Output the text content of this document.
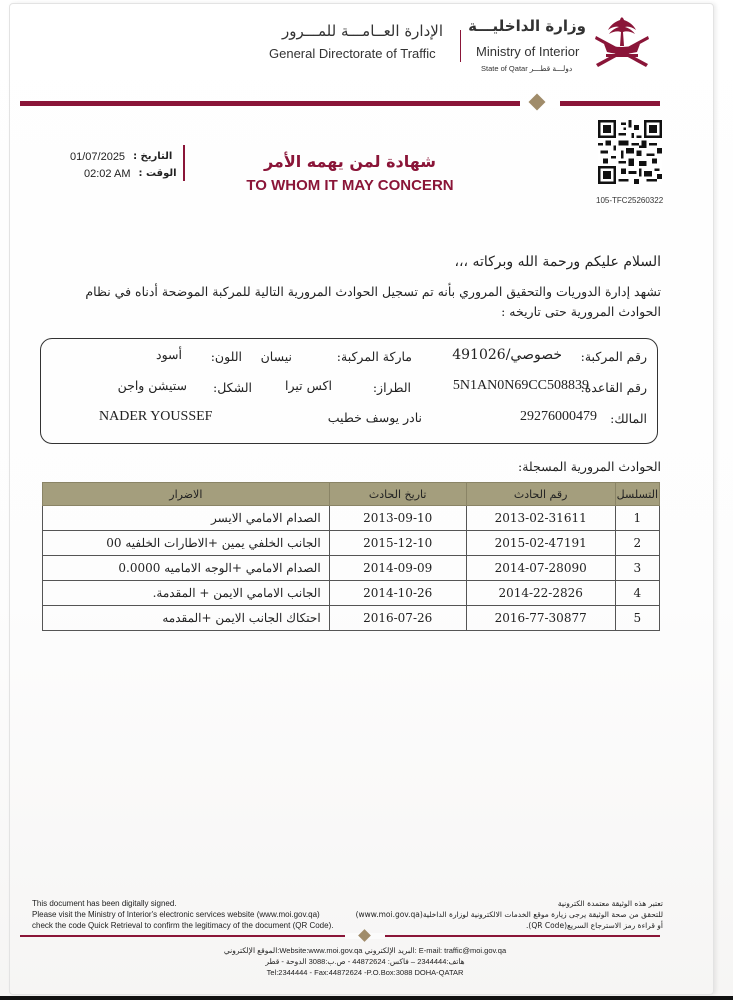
وزارة الداخليـــة
Ministry of Interior
State of Qatar دولـــة قطـــر
الإدارة العــامـــة للمـــرور
General Directorate of Traffic
01/07/2025 التاريخ :
02:02 AM الوقت :
شهادة لمن يهمه الأمر
TO WHOM IT MAY CONCERN
105-TFC25260322
السلام عليكم ورحمة الله وبركاته ،،،
تشهد إدارة الدوريات والتحقيق المروري بأنه تم تسجيل الحوادث المرورية التالية للمركبة الموضحة أدناه في نظام
الحوادث المرورية حتى تاريخه :
رقم المركبة:
خصوصي/491026
ماركة المركبة:
نيسان
اللون:
أسود
رقم القاعدة:
5N1AN0N69CC508839
الطراز:
اكس تيرا
الشكل:
ستيشن واجن
المالك:
29276000479
نادر يوسف خطيب
NADER YOUSSEF
الحوادث المرورية المسجلة:
التسلسل	رقم الحادث	تاريخ الحادث	الاضرار
1	2013-02-31611	2013-09-10	الصدام الامامي الايسر
2	2015-02-47191	2015-12-10	الجانب الخلفي يمين +الاطارات الخلفيه 00
3	2014-07-28090	2014-09-09	الصدام الامامي +الوجه الاماميه 0.0000
4	2014-22-2826	2014-10-26	الجانب الامامي الايمن + المقدمة.
5	2016-77-30877	2016-07-26	احتكاك الجانب الايمن +المقدمه
This document has been digitally signed.
Please visit the Ministry of Interior's electronic services website (www.moi.gov.qa)
check the code Quick Retrieval to confirm the legitimacy of the document (QR Code).
تعتبر هذه الوثيقة معتمدة الكترونية
للتحقق من صحة الوثيقة يرجى زيارة موقع الخدمات الالكترونية لوزارة الداخلية(www.moi.gov.qa)
أو قراءة رمز الاسترجاع السريع(QR Code).
الموقع الإلكتروني:Website:www.moi.gov.qa البريد الإلكتروني: E-mail: traffic@moi.gov.qa
هاتف:2344444 – فاكس: 44872624 - ص.ب:3088 الدوحة - قطر
Tel:2344444 - Fax:44872624 -P.O.Box:3088 DOHA-QATAR
